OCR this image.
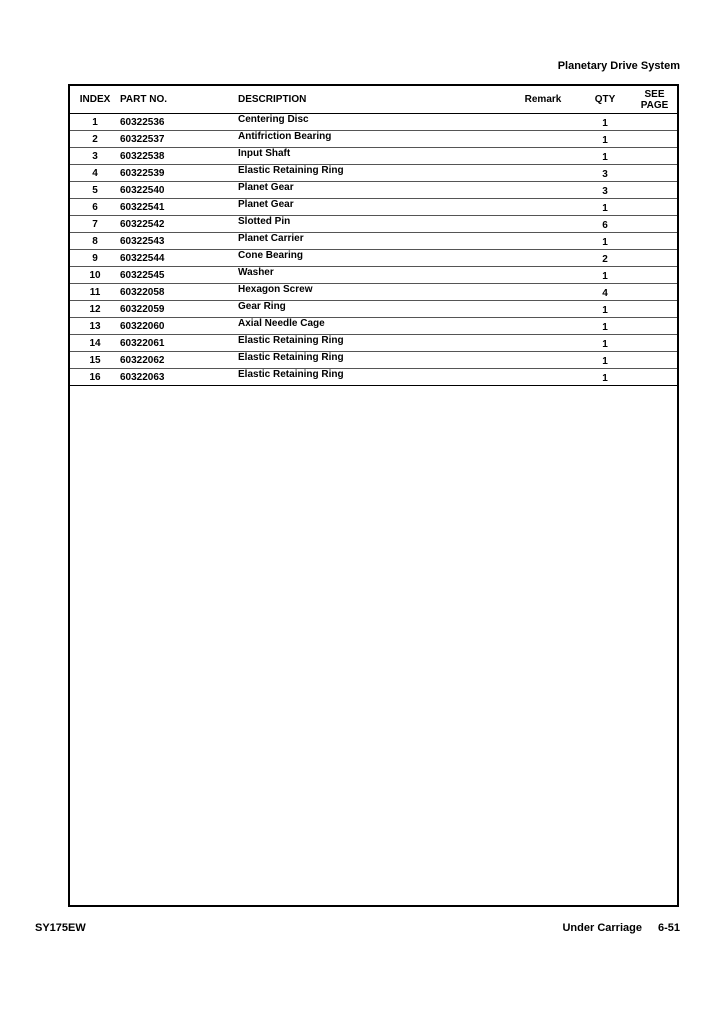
Planetary Drive System
INDEX	PART NO.	DESCRIPTION	Remark	QTY	SEE
PAGE
1	60322536	Centering Disc		1	
2	60322537	Antifriction Bearing		1	
3	60322538	Input Shaft		1	
4	60322539	Elastic Retaining Ring		3	
5	60322540	Planet Gear		3	
6	60322541	Planet Gear		1	
7	60322542	Slotted Pin		6	
8	60322543	Planet Carrier		1	
9	60322544	Cone Bearing		2	
10	60322545	Washer		1	
11	60322058	Hexagon Screw		4	
12	60322059	Gear Ring		1	
13	60322060	Axial Needle Cage		1	
14	60322061	Elastic Retaining Ring		1	
15	60322062	Elastic Retaining Ring		1	
16	60322063	Elastic Retaining Ring		1	
SY175EW	Under Carriage 6-51
